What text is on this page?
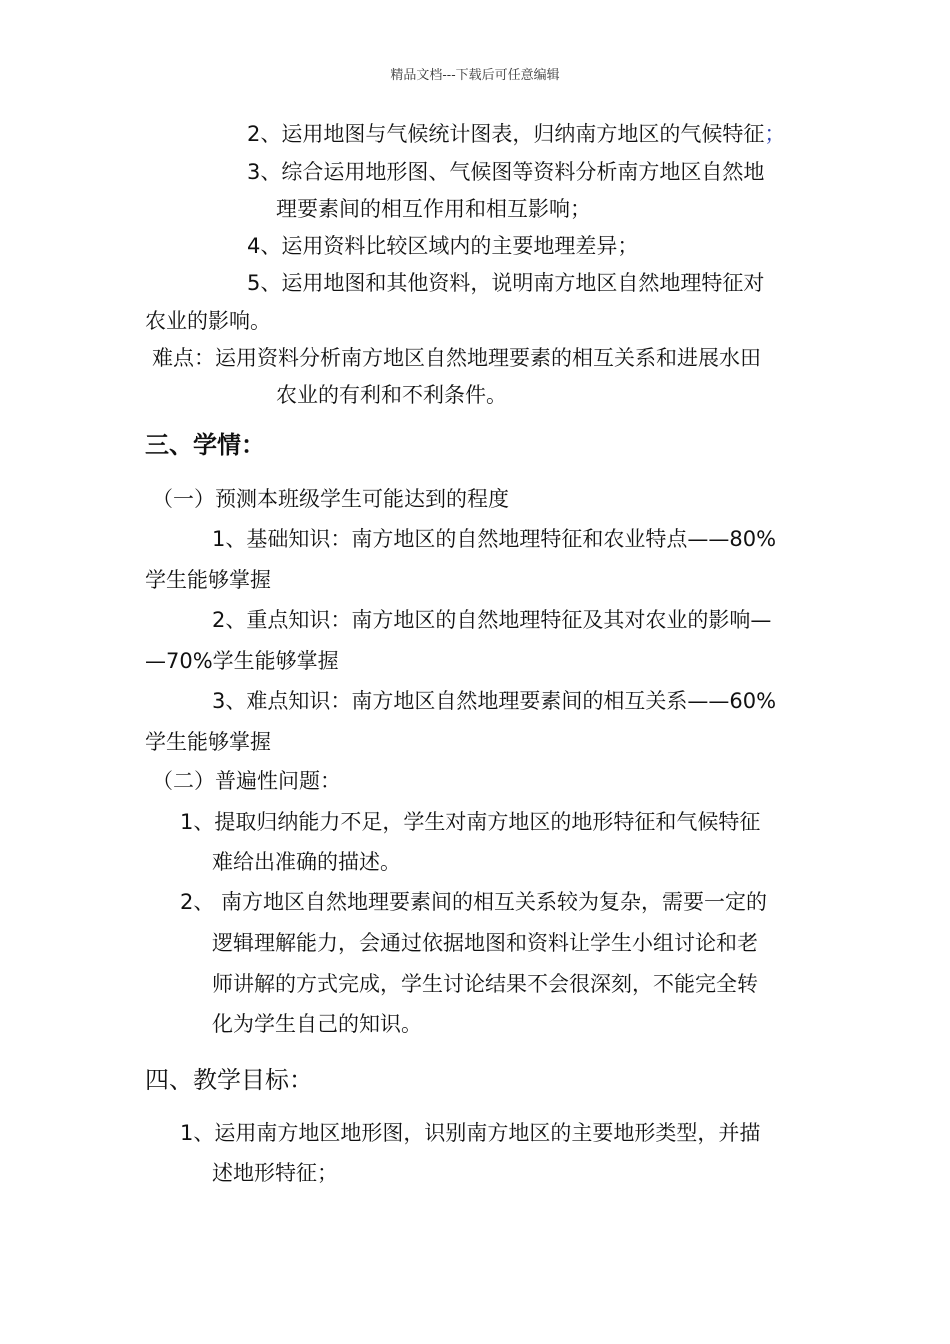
精品文档---下载后可任意编辑
2、运用地图与气候统计图表，归纳南方地区的气候特征；
3、综合运用地形图、气候图等资料分析南方地区自然地
理要素间的相互作用和相互影响；
4、运用资料比较区域内的主要地理差异；
5、运用地图和其他资料，说明南方地区自然地理特征对
农业的影响。
难点：运用资料分析南方地区自然地理要素的相互关系和进展水田
农业的有利和不利条件。
三、学情：
（一）预测本班级学生可能达到的程度
1、基础知识：南方地区的自然地理特征和农业特点——80%
学生能够掌握
2、重点知识：南方地区的自然地理特征及其对农业的影响—
—70%学生能够掌握
3、难点知识：南方地区自然地理要素间的相互关系——60%
学生能够掌握
（二）普遍性问题：
1、提取归纳能力不足，学生对南方地区的地形特征和气候特征
难给出准确的描述。
2、 南方地区自然地理要素间的相互关系较为复杂，需要一定的
逻辑理解能力，会通过依据地图和资料让学生小组讨论和老
师讲解的方式完成，学生讨论结果不会很深刻，不能完全转
化为学生自己的知识。
四、教学目标：
1、运用南方地区地形图，识别南方地区的主要地形类型，并描
述地形特征；
